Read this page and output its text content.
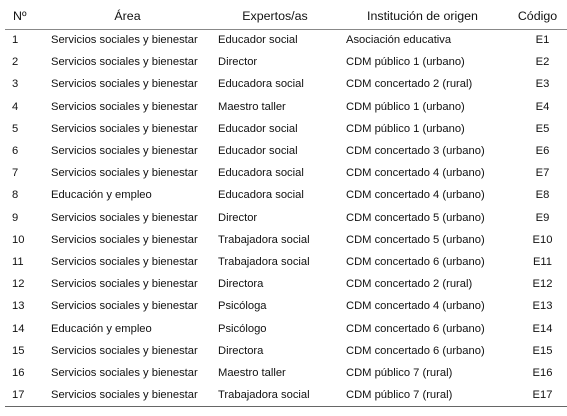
Nº	Área	Expertos/as	Institución de origen	Código
1	Servicios sociales y bienestar	Educador social	Asociación educativa	E1
2	Servicios sociales y bienestar	Director	CDM público 1 (urbano)	E2
3	Servicios sociales y bienestar	Educadora social	CDM concertado 2 (rural)	E3
4	Servicios sociales y bienestar	Maestro taller	CDM público 1 (urbano)	E4
5	Servicios sociales y bienestar	Educador social	CDM público 1 (urbano)	E5
6	Servicios sociales y bienestar	Educador social	CDM concertado 3 (urbano)	E6
7	Servicios sociales y bienestar	Educadora social	CDM concertado 4 (urbano)	E7
8	Educación y empleo	Educadora social	CDM concertado 4 (urbano)	E8
9	Servicios sociales y bienestar	Director	CDM concertado 5 (urbano)	E9
10	Servicios sociales y bienestar	Trabajadora social	CDM concertado 5 (urbano)	E10
11	Servicios sociales y bienestar	Trabajadora social	CDM concertado 6 (urbano)	E11
12	Servicios sociales y bienestar	Directora	CDM concertado 2 (rural)	E12
13	Servicios sociales y bienestar	Psicóloga	CDM concertado 4 (urbano)	E13
14	Educación y empleo	Psicólogo	CDM concertado 6 (urbano)	E14
15	Servicios sociales y bienestar	Directora	CDM concertado 6 (urbano)	E15
16	Servicios sociales y bienestar	Maestro taller	CDM público 7 (rural)	E16
17	Servicios sociales y bienestar	Trabajadora social	CDM público 7 (rural)	E17
